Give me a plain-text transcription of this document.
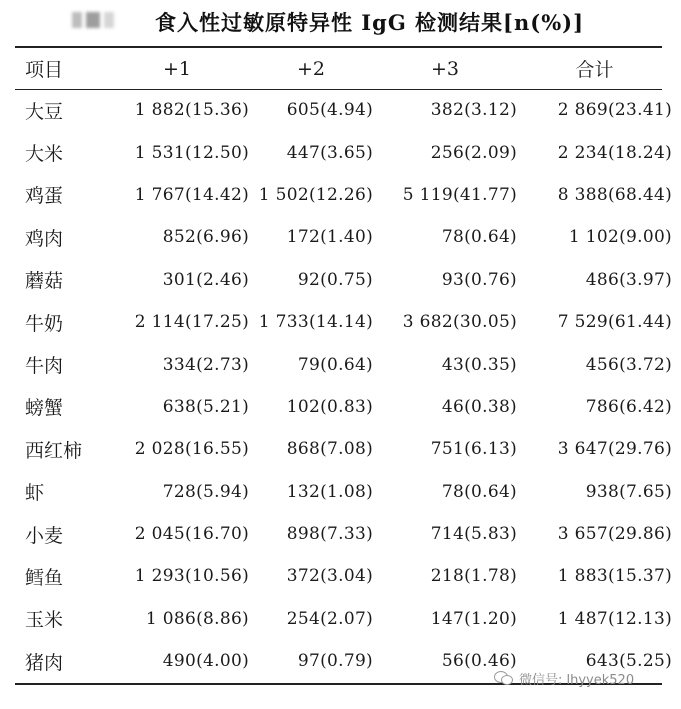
食入性过敏原特异性 IgG 检测结果[n(%)]
项目	+1	+2	+3	合计
大豆	1 882(15.36)	605(4.94)	382(3.12)	2 869(23.41)
大米	1 531(12.50)	447(3.65)	256(2.09)	2 234(18.24)
鸡蛋	1 767(14.42)	1 502(12.26)	5 119(41.77)	8 388(68.44)
鸡肉	852(6.96)	172(1.40)	78(0.64)	1 102(9.00)
蘑菇	301(2.46)	92(0.75)	93(0.76)	486(3.97)
牛奶	2 114(17.25)	1 733(14.14)	3 682(30.05)	7 529(61.44)
牛肉	334(2.73)	79(0.64)	43(0.35)	456(3.72)
螃蟹	638(5.21)	102(0.83)	46(0.38)	786(6.42)
西红柿	2 028(16.55)	868(7.08)	751(6.13)	3 647(29.76)
虾	728(5.94)	132(1.08)	78(0.64)	938(7.65)
小麦	2 045(16.70)	898(7.33)	714(5.83)	3 657(29.86)
鳕鱼	1 293(10.56)	372(3.04)	218(1.78)	1 883(15.37)
玉米	1 086(8.86)	254(2.07)	147(1.20)	1 487(12.13)
猪肉	490(4.00)	97(0.79)	56(0.46)	643(5.25)
微信号: lhyyek520
